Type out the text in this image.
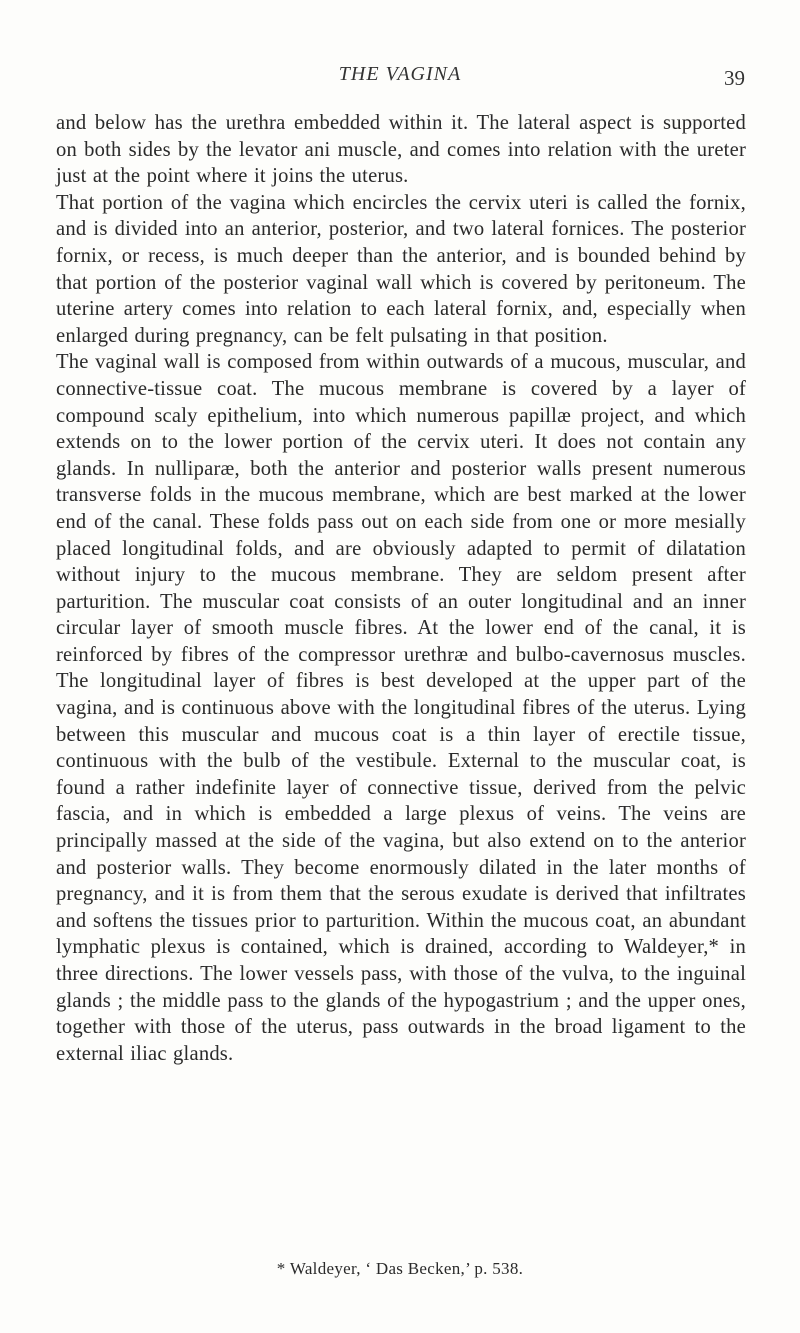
THE VAGINA	39

and below has the urethra embedded within it. The lateral aspect is supported on both sides by the levator ani muscle, and comes into relation with the ureter just at the point where it joins the uterus.

That portion of the vagina which encircles the cervix uteri is called the fornix, and is divided into an anterior, posterior, and two lateral fornices. The posterior fornix, or recess, is much deeper than the anterior, and is bounded behind by that portion of the posterior vaginal wall which is covered by peritoneum. The uterine artery comes into relation to each lateral fornix, and, especially when enlarged during pregnancy, can be felt pulsating in that position.

The vaginal wall is composed from within outwards of a mucous, muscular, and connective-tissue coat. The mucous membrane is covered by a layer of compound scaly epithelium, into which numerous papillæ project, and which extends on to the lower portion of the cervix uteri. It does not contain any glands. In nulliparæ, both the anterior and posterior walls present numerous transverse folds in the mucous membrane, which are best marked at the lower end of the canal. These folds pass out on each side from one or more mesially placed longitudinal folds, and are obviously adapted to permit of dilatation without injury to the mucous membrane. They are seldom present after parturition. The muscular coat consists of an outer longitudinal and an inner circular layer of smooth muscle fibres. At the lower end of the canal, it is reinforced by fibres of the compressor urethræ and bulbo-cavernosus muscles. The longitudinal layer of fibres is best developed at the upper part of the vagina, and is continuous above with the longitudinal fibres of the uterus. Lying between this muscular and mucous coat is a thin layer of erectile tissue, continuous with the bulb of the vestibule. External to the muscular coat, is found a rather indefinite layer of connective tissue, derived from the pelvic fascia, and in which is embedded a large plexus of veins. The veins are principally massed at the side of the vagina, but also extend on to the anterior and posterior walls. They become enormously dilated in the later months of pregnancy, and it is from them that the serous exudate is derived that infiltrates and softens the tissues prior to parturition. Within the mucous coat, an abundant lymphatic plexus is contained, which is drained, according to Waldeyer,* in three directions. The lower vessels pass, with those of the vulva, to the inguinal glands ; the middle pass to the glands of the hypogastrium ; and the upper ones, together with those of the uterus, pass outwards in the broad ligament to the external iliac glands.

* Waldeyer, ‘ Das Becken,’ p. 538.
